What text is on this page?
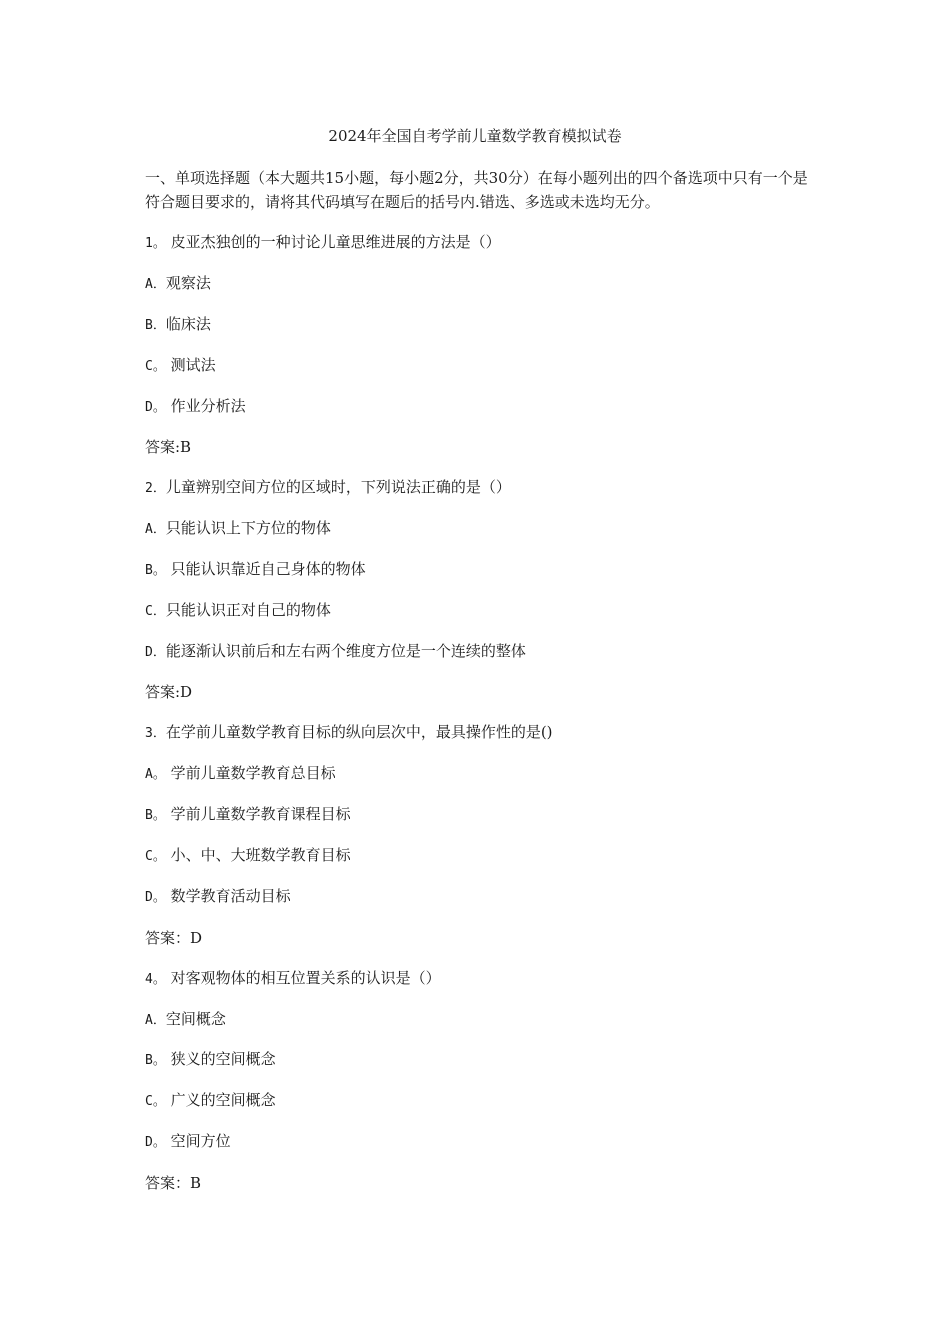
2024年全国自考学前儿童数学教育模拟试卷
一、单项选择题（本大题共15小题，每小题2分，共30分）在每小题列出的四个备选项中只有一个是符合题目要求的，请将其代码填写在题后的括号内.错选、多选或未选均无分。
1。 皮亚杰独创的一种讨论儿童思维进展的方法是（）
A．观察法
B．临床法
C。 测试法
D。 作业分析法
答案:B
2．儿童辨别空间方位的区域时，下列说法正确的是（）
A．只能认识上下方位的物体
B。 只能认识靠近自己身体的物体
C．只能认识正对自己的物体
D．能逐渐认识前后和左右两个维度方位是一个连续的整体
答案:D
3．在学前儿童数学教育目标的纵向层次中，最具操作性的是()
A。 学前儿童数学教育总目标
B。 学前儿童数学教育课程目标
C。 小、中、大班数学教育目标
D。 数学教育活动目标
答案：D
4。 对客观物体的相互位置关系的认识是（）
A．空间概念
B。 狭义的空间概念
C。 广义的空间概念
D。 空间方位
答案：B
